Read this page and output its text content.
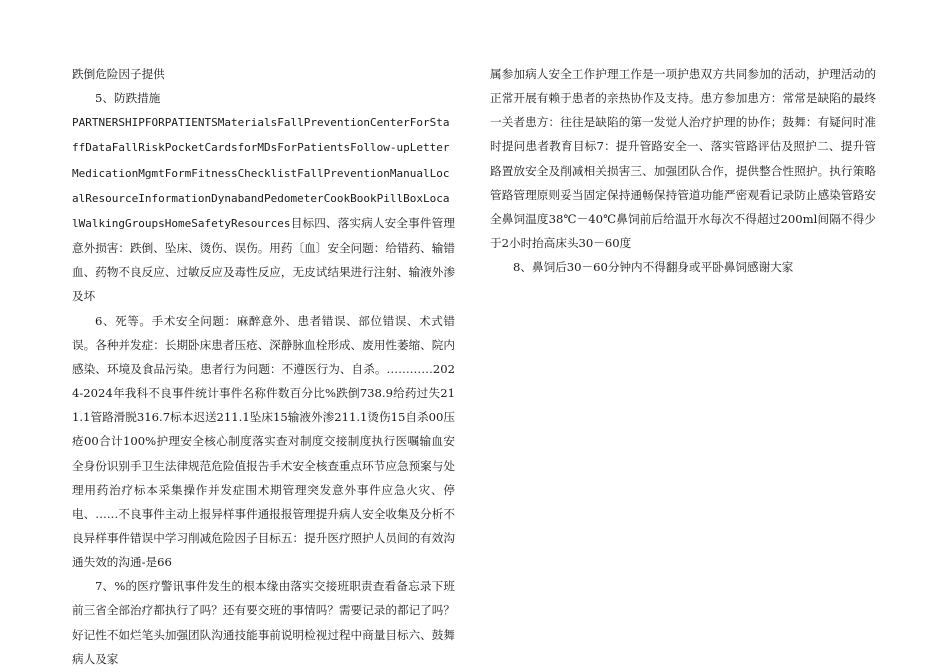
跌倒危险因子提供

5、防跌措施

PARTNERSHIPFORPATIENTSMaterialsFallPreventionCenterForStaffDataFallRiskPocketCardsforMDsForPatientsFollow-upLetterMedicationMgmtFormFitnessChecklistFallPreventionManualLocalResourceInformationDynabandPedometerCookBookPillBoxLocalWalkingGroupsHomeSafetyResources目标四、落实病人安全事件管理意外损害：跌倒、坠床、烫伤、误伤。用药〔血〕安全问题：给错药、输错血、药物不良反应、过敏反应及毒性反应，无皮试结果进行注射、输液外渗及坏

6、死等。手术安全问题：麻醉意外、患者错误、部位错误、术式错误。各种并发症：长期卧床患者压疮、深静脉血栓形成、废用性萎缩、院内感染、环境及食品污染。患者行为问题：不遵医行为、自杀。…………2024-2024年我科不良事件统计事件名称件数百分比%跌倒738.9给药过失211.1管路滑脱316.7标本迟送211.1坠床15输液外渗211.1烫伤15自杀00压疮00合计100%护理安全核心制度落实查对制度交接制度执行医嘱输血安全身份识别手卫生法律规范危险值报告手术安全核查重点环节应急预案与处理用药治疗标本采集操作并发症围术期管理突发意外事件应急火灾、停电、……不良事件主动上报异样事件通报报管理提升病人安全收集及分析不良异样事件错误中学习削减危险因子目标五：提升医疗照护人员间的有效沟通失效的沟通-是66

7、%的医疗警讯事件发生的根本缘由落实交接班职责查看备忘录下班前三省全部治疗都执行了吗？还有要交班的事情吗？需要记录的都记了吗？好记性不如烂笔头加强团队沟通技能事前说明检视过程中商量目标六、鼓舞病人及家

属参加病人安全工作护理工作是一项护患双方共同参加的活动，护理活动的正常开展有赖于患者的亲热协作及支持。患方参加患方：常常是缺陷的最终一关者患方：往往是缺陷的第一发觉人治疗护理的协作；鼓舞：有疑问时准时提问患者教育目标7：提升管路安全一、落实管路评估及照护二、提升管路置放安全及削减相关损害三、加强团队合作，提供整合性照护。执行策略管路管理原则妥当固定保持通畅保持管道功能严密观看记录防止感染管路安全鼻饲温度38℃－40℃鼻饲前后给温开水每次不得超过200ml间隔不得少于2小时抬高床头30－60度

8、鼻饲后30－60分钟内不得翻身或平卧鼻饲感谢大家
